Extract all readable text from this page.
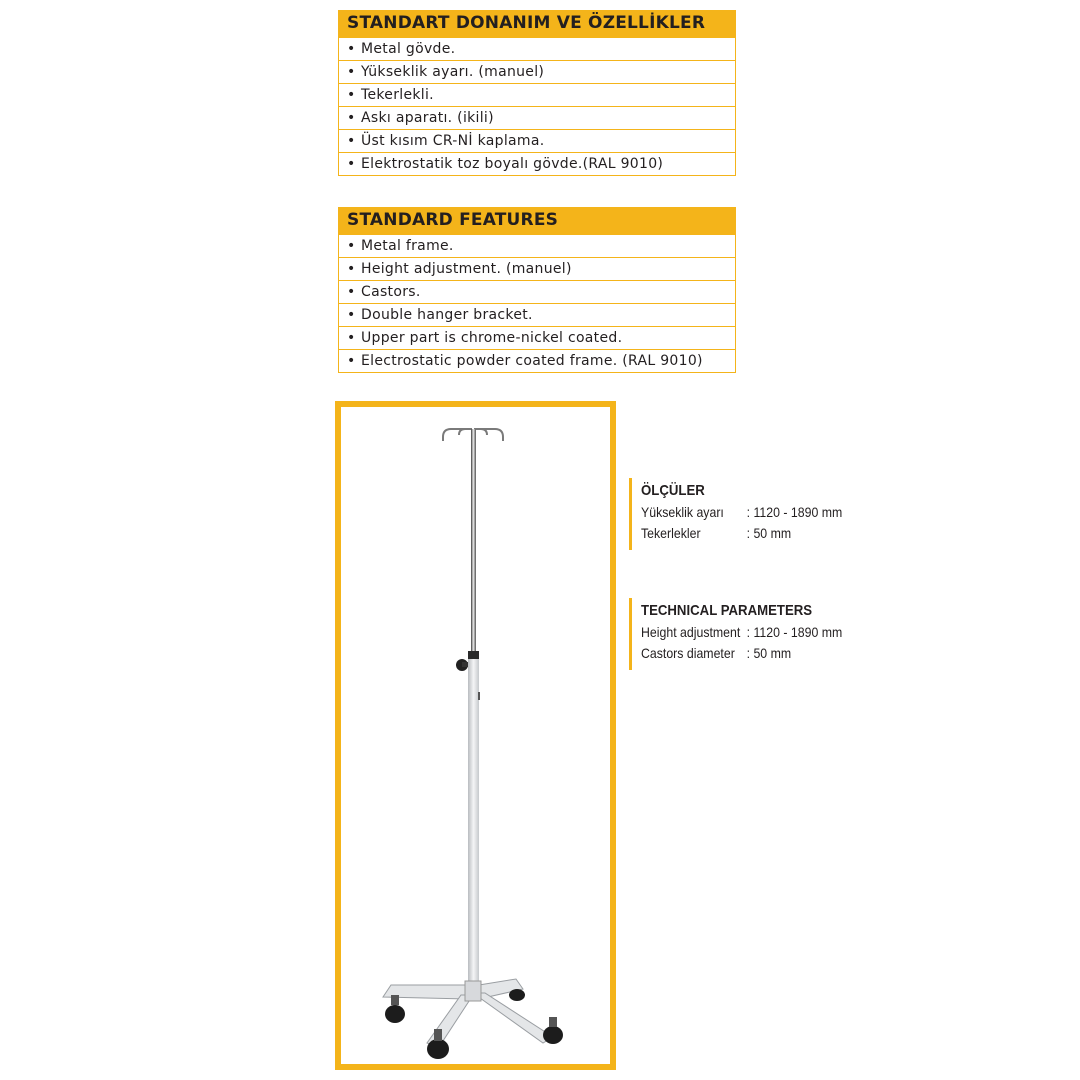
STANDART DONANIM VE ÖZELLİKLER
• Metal gövde.
• Yükseklik ayarı. (manuel)
• Tekerlekli.
• Askı aparatı. (ikili)
• Üst kısım CR-Nİ kaplama.
• Elektrostatik toz boyalı gövde.(RAL 9010)
STANDARD FEATURES
• Metal frame.
• Height adjustment. (manuel)
• Castors.
• Double hanger bracket.
• Upper part is chrome-nickel coated.
• Electrostatic powder coated frame. (RAL 9010)
ÖLÇÜLER
Yükseklik ayarı : 1120 - 1890 mm
Tekerlekler	: 50 mm
TECHNICAL PARAMETERS
Height adjustment : 1120 - 1890 mm
Castors diameter : 50 mm
